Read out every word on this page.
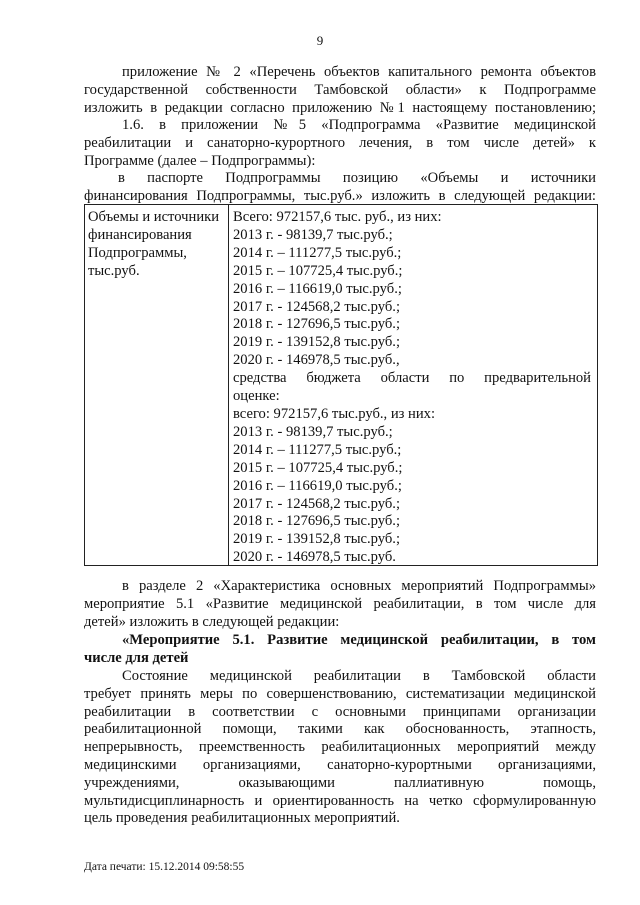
9
приложение № 2 «Перечень объектов капитального ремонта объектов
государственной собственности Тамбовской области» к Подпрограмме
изложить в редакции согласно приложению №1 настоящему постановлению;
1.6. в приложении №5 «Подпрограмма «Развитие медицинской
реабилитации и санаторно-курортного лечения, в том числе детей» к
Программе (далее – Подпрограммы):
в паспорте Подпрограммы позицию «Объемы и источники
финансирования Подпрограммы, тыс.руб.» изложить в следующей редакции:
Объемы и источники
финансирования
Подпрограммы,
тыс.руб.
Всего: 972157,6 тыс. руб., из них:
2013 г. - 98139,7 тыс.руб.;
2014 г. – 111277,5 тыс.руб.;
2015 г. – 107725,4 тыс.руб.;
2016 г. – 116619,0 тыс.руб.;
2017 г. - 124568,2 тыс.руб.;
2018 г. - 127696,5 тыс.руб.;
2019 г. - 139152,8 тыс.руб.;
2020 г. - 146978,5 тыс.руб.,
средства бюджета области по предварительной
оценке:
всего: 972157,6 тыс.руб., из них:
2013 г. - 98139,7 тыс.руб.;
2014 г. – 111277,5 тыс.руб.;
2015 г. – 107725,4 тыс.руб.;
2016 г. – 116619,0 тыс.руб.;
2017 г. - 124568,2 тыс.руб.;
2018 г. - 127696,5 тыс.руб.;
2019 г. - 139152,8 тыс.руб.;
2020 г. - 146978,5 тыс.руб.
в разделе 2 «Характеристика основных мероприятий Подпрограммы»
мероприятие 5.1 «Развитие медицинской реабилитации, в том числе для
детей» изложить в следующей редакции:
«Мероприятие 5.1. Развитие медицинской реабилитации, в том
числе для детей
Состояние медицинской реабилитации в Тамбовской области
требует принять меры по совершенствованию, систематизации медицинской
реабилитации в соответствии с основными принципами организации
реабилитационной помощи, такими как обоснованность, этапность,
непрерывность, преемственность реабилитационных мероприятий между
медицинскими организациями, санаторно-курортными организациями,
учреждениями, оказывающими паллиативную помощь,
мультидисциплинарность и ориентированность на четко сформулированную
цель проведения реабилитационных мероприятий.
Дата печати: 15.12.2014 09:58:55
